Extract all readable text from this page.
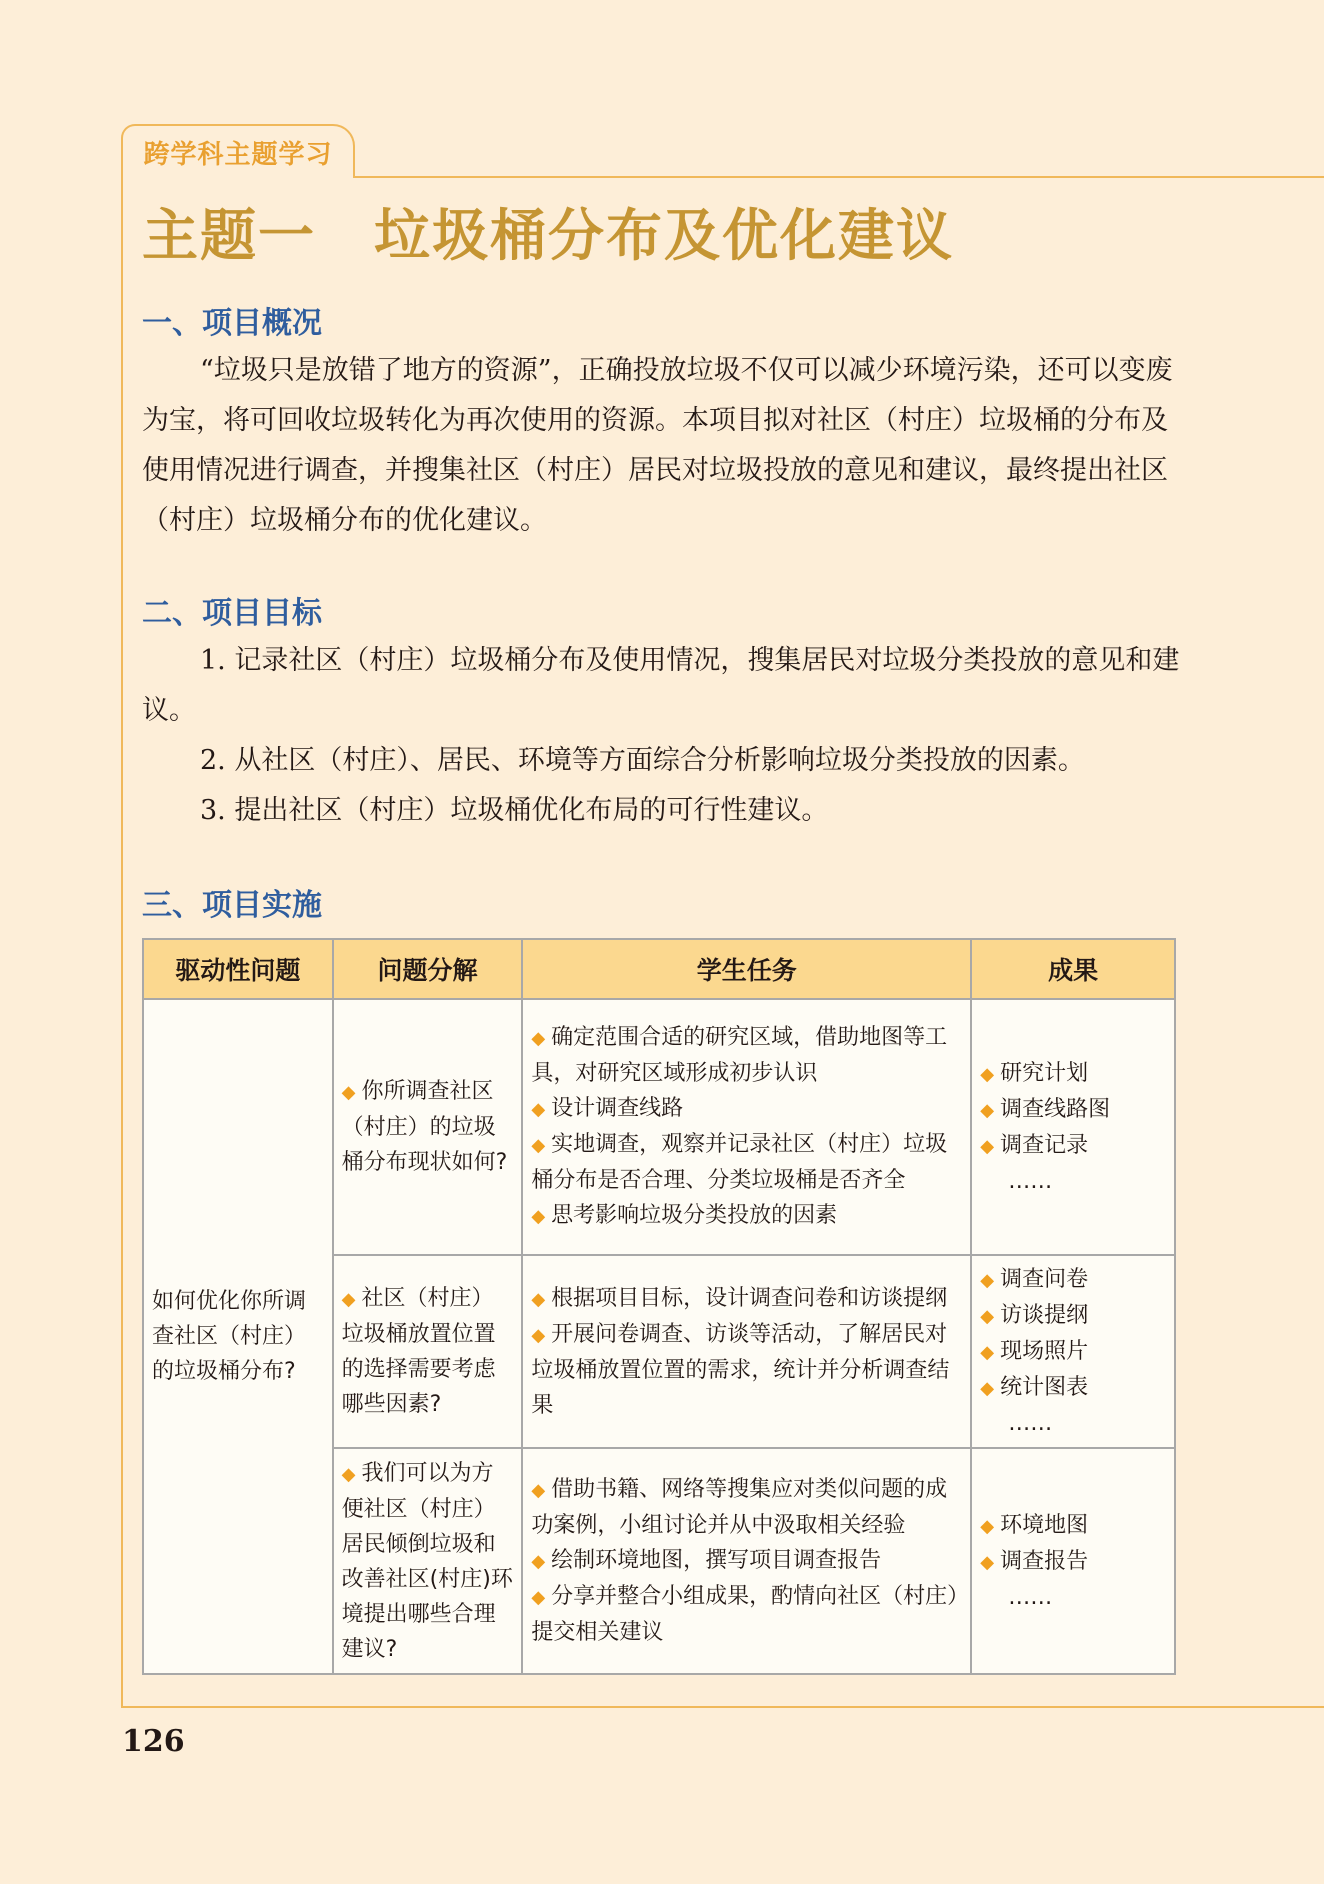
跨学科主题学习
主题一 垃圾桶分布及优化建议
一、项目概况

“垃圾只是放错了地方的资源”，正确投放垃圾不仅可以减少环境污染，还可以变废为宝，将可回收垃圾转化为再次使用的资源。本项目拟对社区（村庄）垃圾桶的分布及使用情况进行调查，并搜集社区（村庄）居民对垃圾投放的意见和建议，最终提出社区（村庄）垃圾桶分布的优化建议。

二、项目目标

1. 记录社区（村庄）垃圾桶分布及使用情况，搜集居民对垃圾分类投放的意见和建议。

2. 从社区（村庄）、居民、环境等方面综合分析影响垃圾分类投放的因素。

3. 提出社区（村庄）垃圾桶优化布局的可行性建议。

三、项目实施
驱动性问题	问题分解	学生任务	成果
如何优化你所调查社区（村庄）的垃圾桶分布?	◆ 你所调查社区（村庄）的垃圾桶分布现状如何?	◆ 确定范围合适的研究区域，借助地图等工具，对研究区域形成初步认识
◆ 设计调查线路
◆ 实地调查，观察并记录社区（村庄）垃圾桶分布是否合理、分类垃圾桶是否齐全
◆ 思考影响垃圾分类投放的因素	◆ 研究计划
◆ 调查线路图
◆ 调查记录
……

	◆ 社区（村庄）垃圾桶放置位置的选择需要考虑哪些因素?	◆ 根据项目目标，设计调查问卷和访谈提纲
◆ 开展问卷调查、访谈等活动，了解居民对垃圾桶放置位置的需求，统计并分析调查结果	◆ 调查问卷
◆ 访谈提纲
◆ 现场照片
◆ 统计图表
……

	◆ 我们可以为方便社区（村庄）居民倾倒垃圾和改善社区(村庄)环境提出哪些合理建议?	◆ 借助书籍、网络等搜集应对类似问题的成功案例，小组讨论并从中汲取相关经验
◆ 绘制环境地图，撰写项目调查报告
◆ 分享并整合小组成果，酌情向社区（村庄）提交相关建议	◆ 环境地图
◆ 调查报告
……
126
